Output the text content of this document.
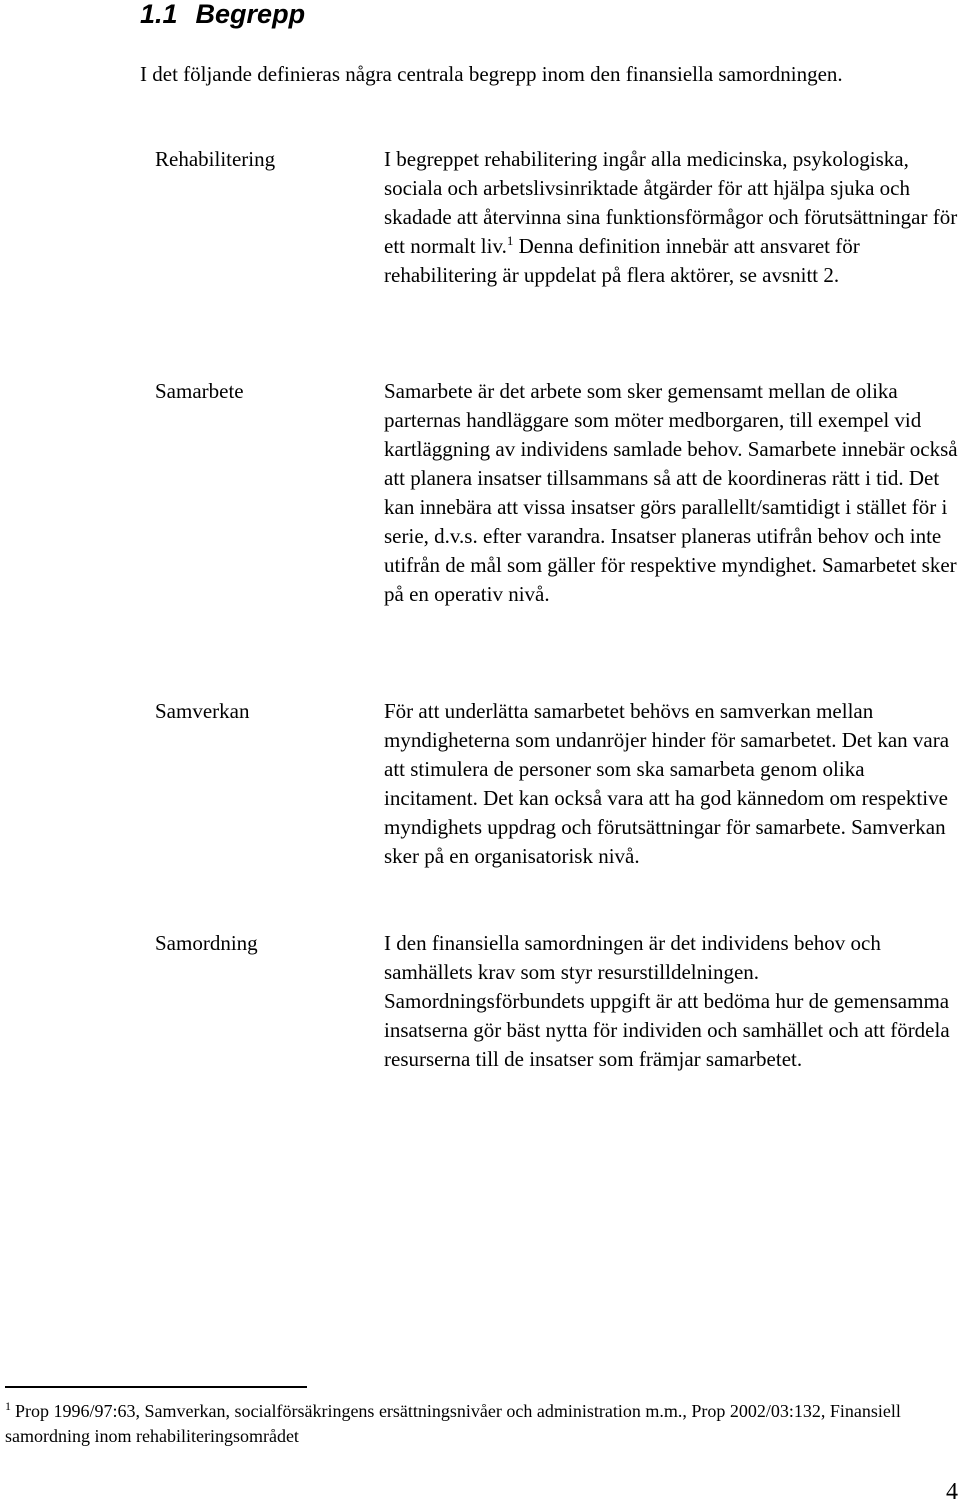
1.1 Begrepp

I det följande definieras några centrala begrepp inom den finansiella samordningen.

Rehabilitering	I begreppet rehabilitering ingår alla medicinska, psykologiska, sociala och arbetslivsinriktade åtgärder för att hjälpa sjuka och skadade att återvinna sina funktionsförmågor och förutsättningar för ett normalt liv.$^1$ Denna definition innebär att ansvaret för rehabilitering är uppdelat på flera aktörer, se avsnitt 2.

Samarbete	Samarbete är det arbete som sker gemensamt mellan de olika parternas handläggare som möter medborgaren, till exempel vid kartläggning av individens samlade behov. Samarbete innebär också att planera insatser tillsammans så att de koordineras rätt i tid. Det kan innebära att vissa insatser görs parallellt/samtidigt i stället för i serie, d.v.s. efter varandra. Insatser planeras utifrån behov och inte utifrån de mål som gäller för respektive myndighet. Samarbetet sker på en operativ nivå.

Samverkan	För att underlätta samarbetet behövs en samverkan mellan myndigheterna som undanröjer hinder för samarbetet. Det kan vara att stimulera de personer som ska samarbeta genom olika incitament. Det kan också vara att ha god kännedom om respektive myndighets uppdrag och förutsättningar för samarbete. Samverkan sker på en organisatorisk nivå.

Samordning	I den finansiella samordningen är det individens behov och samhällets krav som styr resurstilldelningen. Samordningsförbundets uppgift är att bedöma hur de gemensamma insatserna gör bäst nytta för individen och samhället och att fördela resurserna till de insatser som främjar samarbetet.

$^1$ Prop 1996/97:63, Samverkan, socialförsäkringens ersättningsnivåer och administration m.m., Prop 2002/03:132, Finansiell samordning inom rehabiliteringsområdet

4
